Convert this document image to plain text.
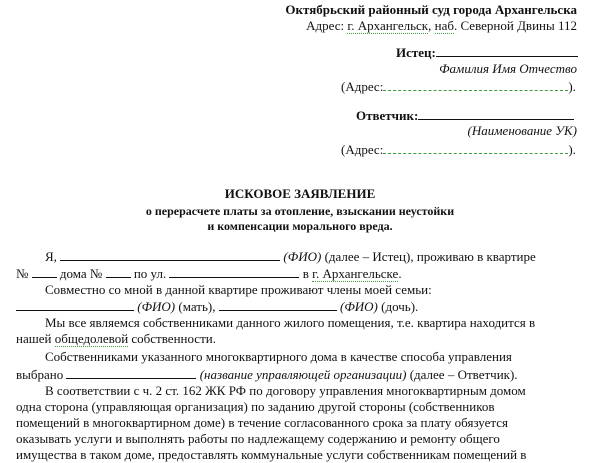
Октябрьский районный суд города Архангельска
Адрес: г. Архангельск, наб. Северной Двины 112
Истец:
Фамилия Имя Отчество
(Адрес:	).
Ответчик:
(Наименование УК)
(Адрес:	).
ИСКОВОЕ ЗАЯВЛЕНИЕ
о перерасчете платы за отопление, взыскании неустойки
и компенсации морального вреда.
Я,	(ФИО) (далее – Истец), проживаю в квартире
№ дома № по ул.	в г. Архангельске.
Совместно со мной в данной квартире проживают члены моей семьи:
(ФИО) (мать),	(ФИО) (дочь).
Мы все являемся собственниками данного жилого помещения, т.е. квартира находится в
нашей общедолевой собственности.
Собственниками указанного многоквартирного дома в качестве способа управления
выбрано	(название управляющей организации) (далее – Ответчик).
В соответствии с ч. 2 ст. 162 ЖК РФ по договору управления многоквартирным домом
одна сторона (управляющая организация) по заданию другой стороны (собственников
помещений в многоквартирном доме) в течение согласованного срока за плату обязуется
оказывать услуги и выполнять работы по надлежащему содержанию и ремонту общего
имущества в таком доме, предоставлять коммунальные услуги собственникам помещений в
